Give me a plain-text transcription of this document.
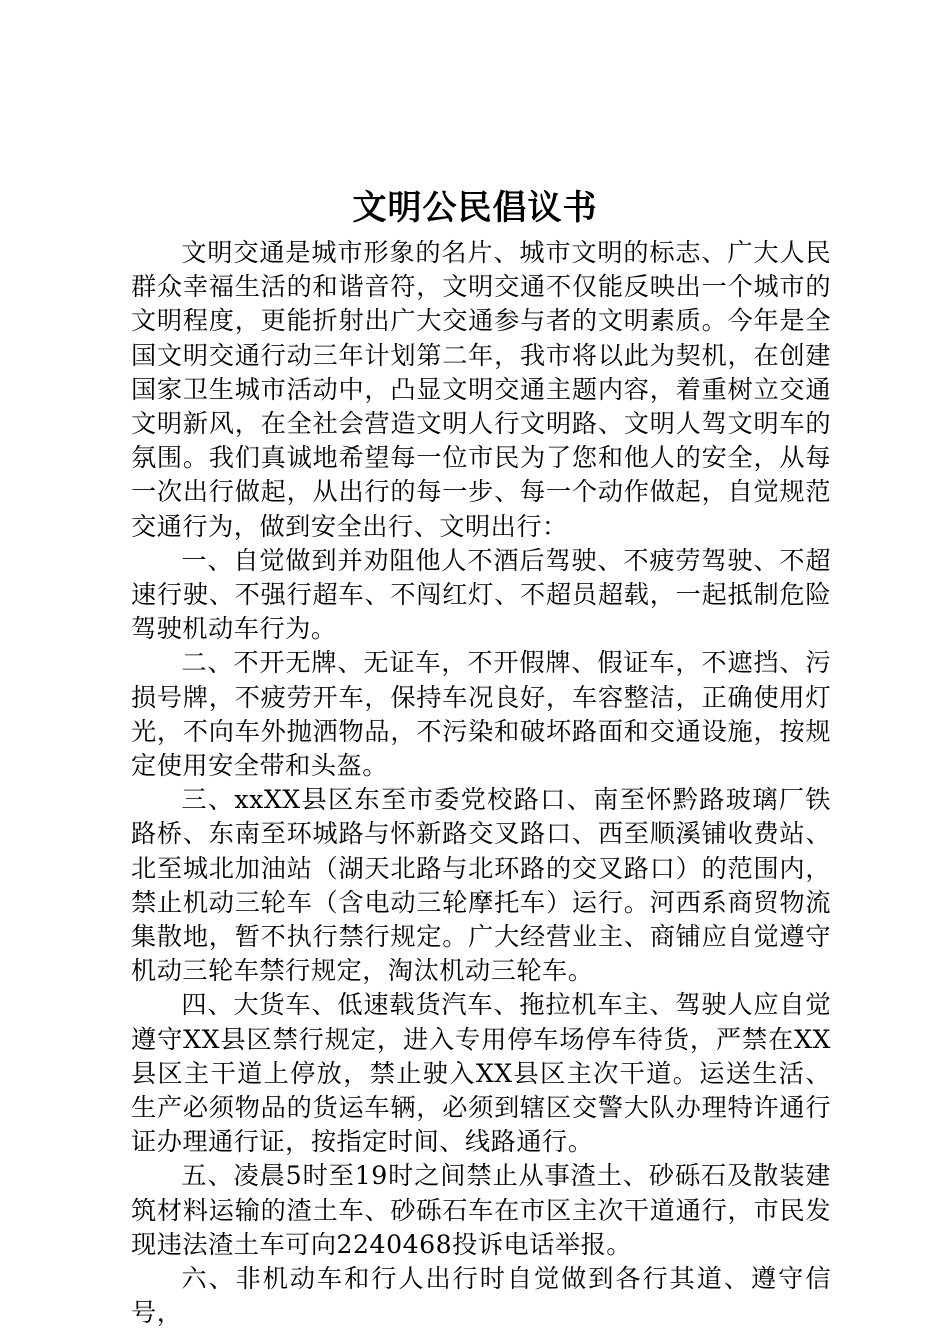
文明公民倡议书

文明交通是城市形象的名片、城市文明的标志、广大人民群众幸福生活的和谐音符，文明交通不仅能反映出一个城市的文明程度，更能折射出广大交通参与者的文明素质。今年是全国文明交通行动三年计划第二年，我市将以此为契机，在创建国家卫生城市活动中，凸显文明交通主题内容，着重树立交通文明新风，在全社会营造文明人行文明路、文明人驾文明车的氛围。我们真诚地希望每一位市民为了您和他人的安全，从每一次出行做起，从出行的每一步、每一个动作做起，自觉规范交通行为，做到安全出行、文明出行：

一、自觉做到并劝阻他人不酒后驾驶、不疲劳驾驶、不超速行驶、不强行超车、不闯红灯、不超员超载，一起抵制危险驾驶机动车行为。

二、不开无牌、无证车，不开假牌、假证车，不遮挡、污损号牌，不疲劳开车，保持车况良好，车容整洁，正确使用灯光，不向车外抛洒物品，不污染和破坏路面和交通设施，按规定使用安全带和头盔。

三、xxXX县区东至市委党校路口、南至怀黔路玻璃厂铁路桥、东南至环城路与怀新路交叉路口、西至顺溪铺收费站、北至城北加油站（湖天北路与北环路的交叉路口）的范围内，禁止机动三轮车（含电动三轮摩托车）运行。河西系商贸物流集散地，暂不执行禁行规定。广大经营业主、商铺应自觉遵守机动三轮车禁行规定，淘汰机动三轮车。

四、大货车、低速载货汽车、拖拉机车主、驾驶人应自觉遵守XX县区禁行规定，进入专用停车场停车待货，严禁在XX县区主干道上停放，禁止驶入XX县区主次干道。运送生活、生产必须物品的货运车辆，必须到辖区交警大队办理特许通行证办理通行证，按指定时间、线路通行。

五、凌晨5时至19时之间禁止从事渣土、砂砾石及散装建筑材料运输的渣土车、砂砾石车在市区主次干道通行，市民发现违法渣土车可向2240468投诉电话举报。

六、非机动车和行人出行时自觉做到各行其道、遵守信号，
